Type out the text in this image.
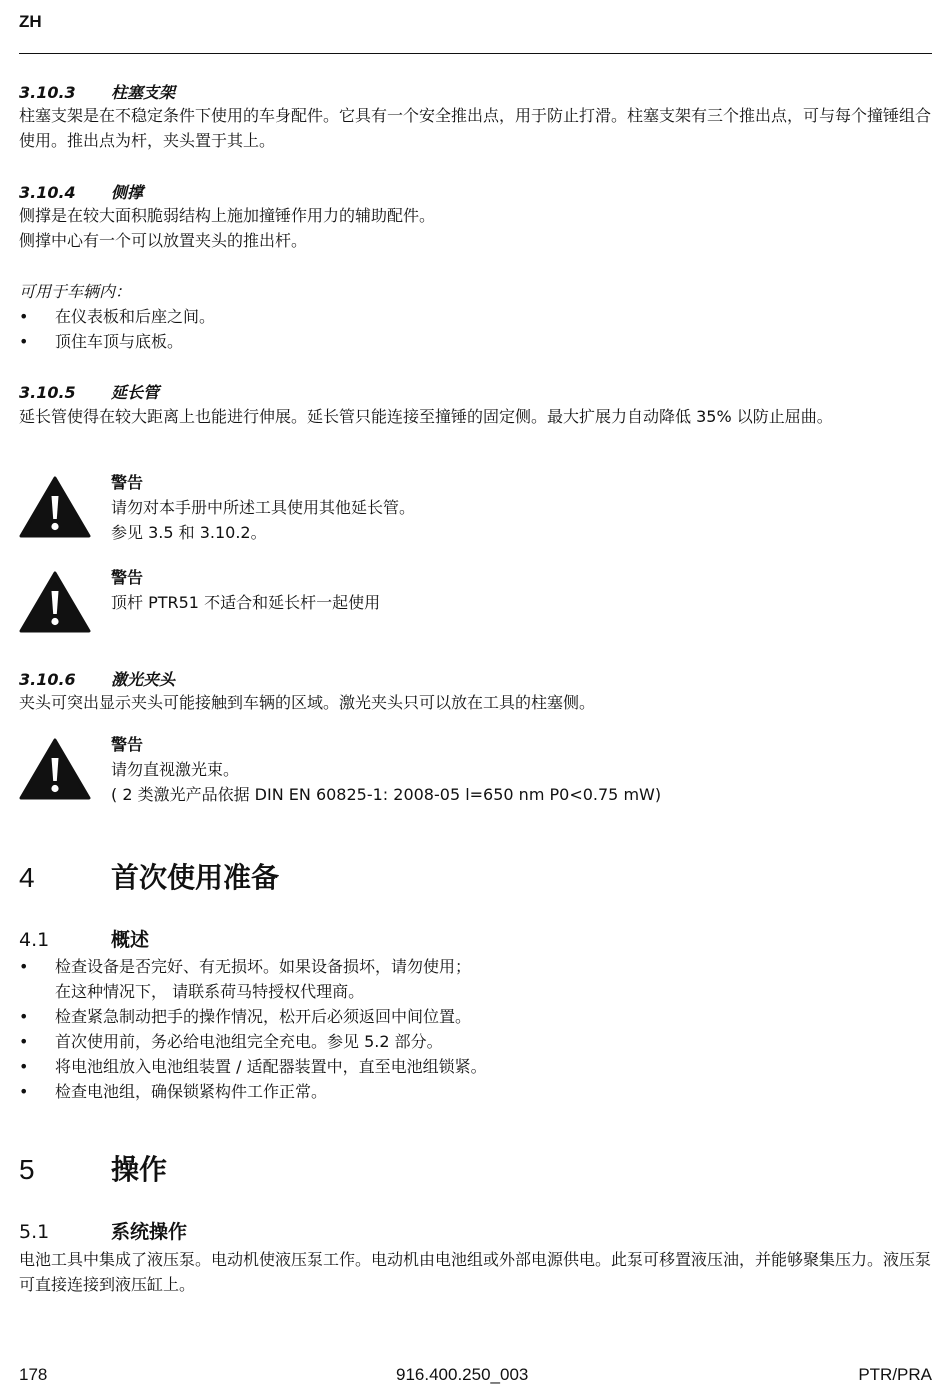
ZH
3.10.3 柱塞支架
柱塞支架是在不稳定条件下使用的车身配件。它具有一个安全推出点，用于防止打滑。柱塞支架有三个推出点，可与每个撞锤组合使用。推出点为杆，夹头置于其上。
3.10.4 侧撑
侧撑是在较大面积脆弱结构上施加撞锤作用力的辅助配件。
侧撑中心有一个可以放置夹头的推出杆。
可用于车辆内：
• 在仪表板和后座之间。
• 顶住车顶与底板。
3.10.5 延长管
延长管使得在较大距离上也能进行伸展。延长管只能连接至撞锤的固定侧。最大扩展力自动降低 35% 以防止屈曲。
警告
请勿对本手册中所述工具使用其他延长管。
参见 3.5 和 3.10.2。
警告
顶杆 PTR51 不适合和延长杆一起使用
3.10.6 激光夹头
夹头可突出显示夹头可能接触到车辆的区域。激光夹头只可以放在工具的柱塞侧。
警告
请勿直视激光束。
( 2 类激光产品依据 DIN EN 60825-1: 2008-05 l=650 nm P0<0.75 mW)
4	首次使用准备
4.1	概述
• 检查设备是否完好、有无损坏。如果设备损坏，请勿使用；
在这种情况下， 请联系荷马特授权代理商。
• 检查紧急制动把手的操作情况，松开后必须返回中间位置。
• 首次使用前，务必给电池组完全充电。参见 5.2 部分。
• 将电池组放入电池组装置 / 适配器装置中，直至电池组锁紧。
• 检查电池组，确保锁紧构件工作正常。
5	操作
5.1	系统操作
电池工具中集成了液压泵。电动机使液压泵工作。电动机由电池组或外部电源供电。此泵可移置液压油，并能够聚集压力。液压泵可直接连接到液压缸上。
178	916.400.250_003	PTR/PRA
